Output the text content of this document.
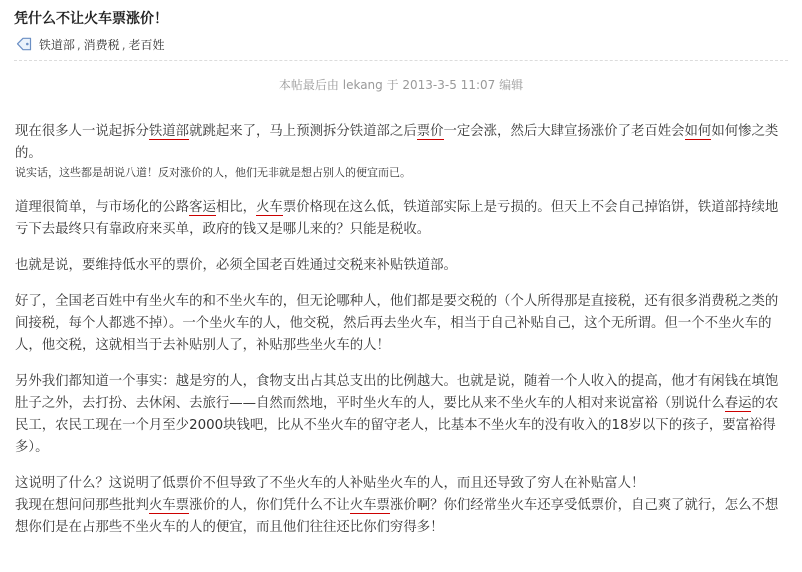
凭什么不让火车票涨价！
铁道部 , 消费税 , 老百姓
本帖最后由 lekang 于 2013-3-5 11:07 编辑

现在很多人一说起拆分铁道部就跳起来了，马上预测拆分铁道部之后票价一定会涨，然后大肆宣扬涨价了老百姓会如何如何惨之类的。

说实话，这些都是胡说八道！反对涨价的人，他们无非就是想占别人的便宜而已。

道理很简单，与市场化的公路客运相比，火车票价格现在这么低，铁道部实际上是亏损的。但天上不会自己掉馅饼，铁道部持续地亏下去最终只有靠政府来买单，政府的钱又是哪儿来的？只能是税收。

也就是说，要维持低水平的票价，必须全国老百姓通过交税来补贴铁道部。

好了，全国老百姓中有坐火车的和不坐火车的，但无论哪种人，他们都是要交税的（个人所得那是直接税，还有很多消费税之类的间接税，每个人都逃不掉）。一个坐火车的人，他交税，然后再去坐火车，相当于自己补贴自己，这个无所谓。但一个不坐火车的人，他交税，这就相当于去补贴别人了，补贴那些坐火车的人！

另外我们都知道一个事实：越是穷的人，食物支出占其总支出的比例越大。也就是说，随着一个人收入的提高，他才有闲钱在填饱肚子之外，去打扮、去休闲、去旅行——自然而然地，平时坐火车的人，要比从来不坐火车的人相对来说富裕（别说什么春运的农民工，农民工现在一个月至少2000块钱吧，比从不坐火车的留守老人，比基本不坐火车的没有收入的18岁以下的孩子，要富裕得多）。

这说明了什么？这说明了低票价不但导致了不坐火车的人补贴坐火车的人，而且还导致了穷人在补贴富人！

我现在想问问那些批判火车票涨价的人，你们凭什么不让火车票涨价啊？你们经常坐火车还享受低票价，自己爽了就行，怎么不想想你们是在占那些不坐火车的人的便宜，而且他们往往还比你们穷得多！
